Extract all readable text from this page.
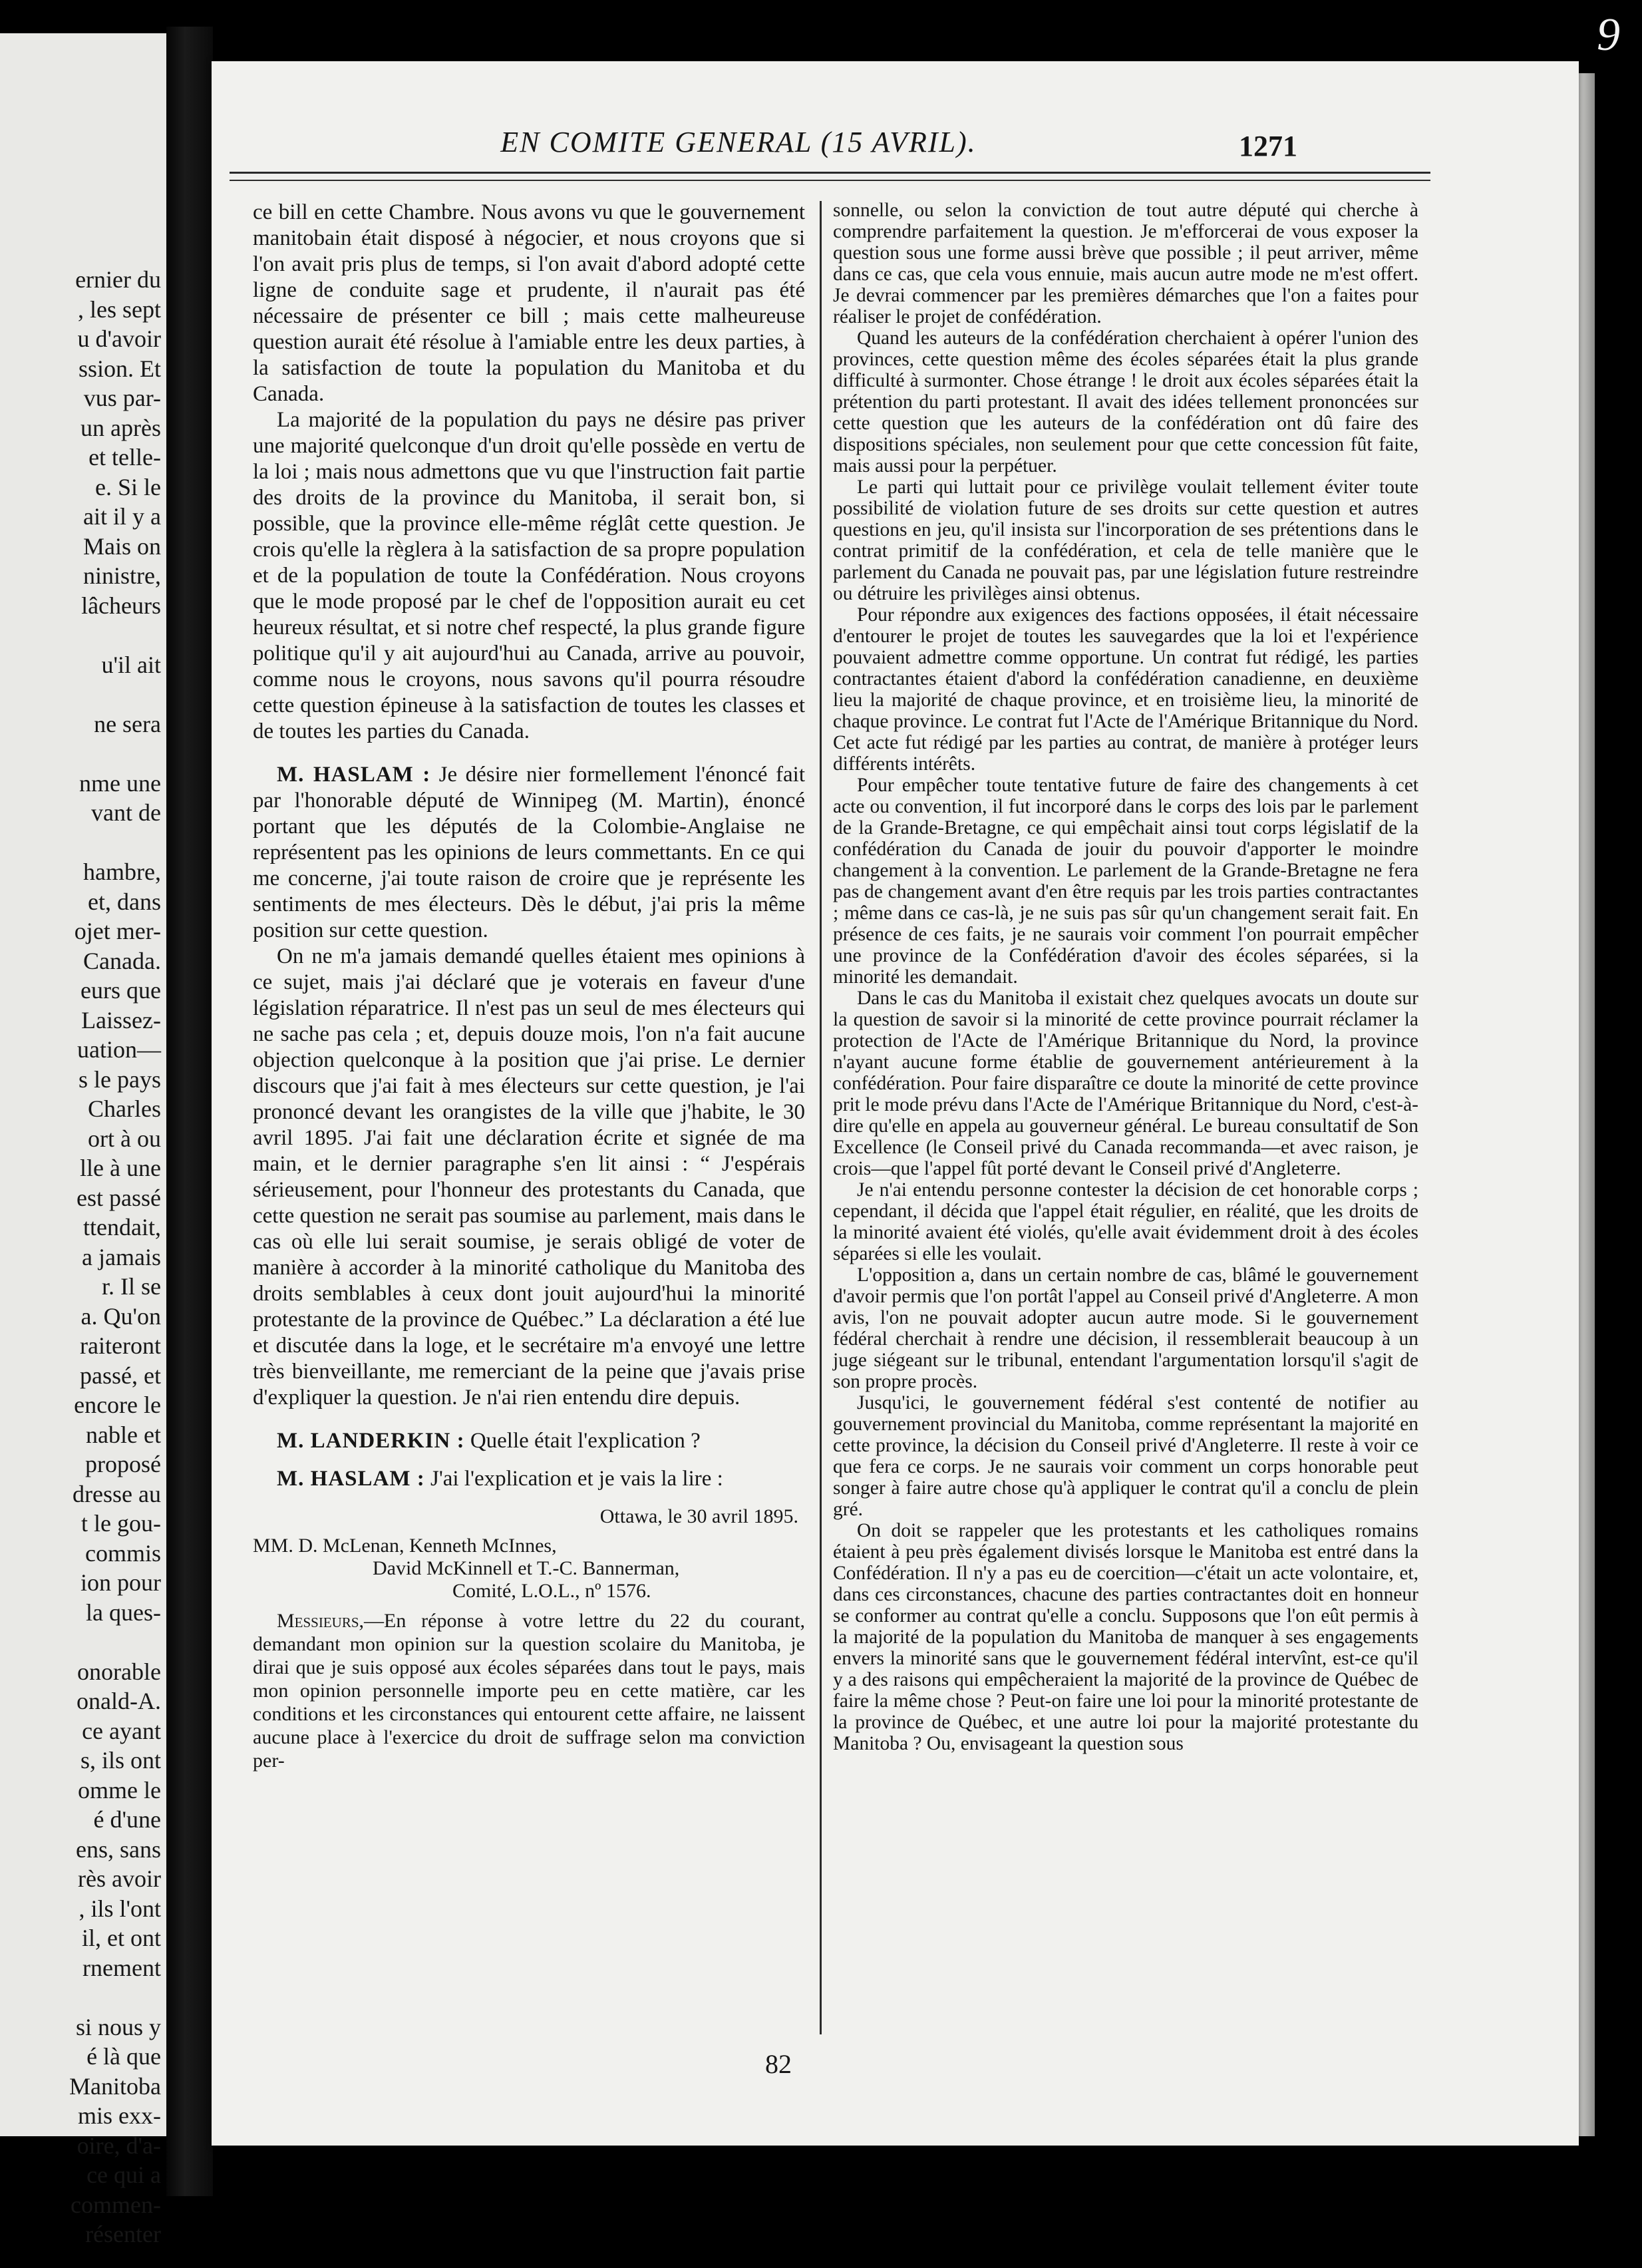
ernier du
, les sept
u d'avoir
ssion. Et
vus par-
un après
et telle-
e. Si le
ait il y a
Mais on
ninistre,
lâcheurs
u'il ait
ne sera
nme une
vant de
hambre,
et, dans
ojet mer-
Canada.
eurs que
Laissez-
uation—
s le pays
Charles
ort à ou
lle à une
est passé
ttendait,
a jamais
r. Il se
a. Qu'on
raiteront
passé, et
encore le
nable et
proposé
dresse au
t le gou-
commis
ion pour
la ques-
onorable
onald-A.
ce ayant
s, ils ont
omme le
é d'une
ens, sans
rès avoir
, ils l'ont
il, et ont
rnement
si nous y
é là que
Manitoba
mis exx-
oire, d'a-
ce qui a
commen-
résenter
9
EN COMITE GENERAL (15 AVRIL).	1271

ce bill en cette Chambre. Nous avons vu que le gouvernement manitobain était disposé à négocier, et nous croyons que si l'on avait pris plus de temps, si l'on avait d'abord adopté cette ligne de conduite sage et prudente, il n'aurait pas été nécessaire de présenter ce bill ; mais cette malheureuse question aurait été résolue à l'amiable entre les deux parties, à la satisfaction de toute la population du Manitoba et du Canada.

La majorité de la population du pays ne désire pas priver une majorité quelconque d'un droit qu'elle possède en vertu de la loi ; mais nous admettons que vu que l'instruction fait partie des droits de la province du Manitoba, il serait bon, si possible, que la province elle-même réglât cette question. Je crois qu'elle la règlera à la satisfaction de sa propre population et de la population de toute la Confédération. Nous croyons que le mode proposé par le chef de l'opposition aurait eu cet heureux résultat, et si notre chef respecté, la plus grande figure politique qu'il y ait aujourd'hui au Canada, arrive au pouvoir, comme nous le croyons, nous savons qu'il pourra résoudre cette question épineuse à la satisfaction de toutes les classes et de toutes les parties du Canada.

M. HASLAM : Je désire nier formellement l'énoncé fait par l'honorable député de Winnipeg (M. Martin), énoncé portant que les députés de la Colombie-Anglaise ne représentent pas les opinions de leurs commettants. En ce qui me concerne, j'ai toute raison de croire que je représente les sentiments de mes électeurs. Dès le début, j'ai pris la même position sur cette question.

On ne m'a jamais demandé quelles étaient mes opinions à ce sujet, mais j'ai déclaré que je voterais en faveur d'une législation réparatrice. Il n'est pas un seul de mes électeurs qui ne sache pas cela ; et, depuis douze mois, l'on n'a fait aucune objection quelconque à la position que j'ai prise. Le dernier discours que j'ai fait à mes électeurs sur cette question, je l'ai prononcé devant les orangistes de la ville que j'habite, le 30 avril 1895. J'ai fait une déclaration écrite et signée de ma main, et le dernier paragraphe s'en lit ainsi : “ J'espérais sérieusement, pour l'honneur des protestants du Canada, que cette question ne serait pas soumise au parlement, mais dans le cas où elle lui serait soumise, je serais obligé de voter de manière à accorder à la minorité catholique du Manitoba des droits semblables à ceux dont jouit aujourd'hui la minorité protestante de la province de Québec.” La déclaration a été lue et discutée dans la loge, et le secrétaire m'a envoyé une lettre très bienveillante, me remerciant de la peine que j'avais prise d'expliquer la question. Je n'ai rien entendu dire depuis.

M. LANDERKIN : Quelle était l'explication ?

M. HASLAM : J'ai l'explication et je vais la lire :

Ottawa, le 30 avril 1895.

MM. D. McLenan, Kenneth McInnes,

David McKinnell et T.-C. Bannerman,
Comité, L.O.L., nº 1576.

Messieurs,—En réponse à votre lettre du 22 du courant, demandant mon opinion sur la question scolaire du Manitoba, je dirai que je suis opposé aux écoles séparées dans tout le pays, mais mon opinion personnelle importe peu en cette matière, car les conditions et les circonstances qui entourent cette affaire, ne laissent aucune place à l'exercice du droit de suffrage selon ma conviction per-

82

sonnelle, ou selon la conviction de tout autre député qui cherche à comprendre parfaitement la question. Je m'efforcerai de vous exposer la question sous une forme aussi brève que possible ; il peut arriver, même dans ce cas, que cela vous ennuie, mais aucun autre mode ne m'est offert. Je devrai commencer par les premières démarches que l'on a faites pour réaliser le projet de confédération.

Quand les auteurs de la confédération cherchaient à opérer l'union des provinces, cette question même des écoles séparées était la plus grande difficulté à surmonter. Chose étrange ! le droit aux écoles séparées était la prétention du parti protestant. Il avait des idées tellement prononcées sur cette question que les auteurs de la confédération ont dû faire des dispositions spéciales, non seulement pour que cette concession fût faite, mais aussi pour la perpétuer.

Le parti qui luttait pour ce privilège voulait tellement éviter toute possibilité de violation future de ses droits sur cette question et autres questions en jeu, qu'il insista sur l'incorporation de ses prétentions dans le contrat primitif de la confédération, et cela de telle manière que le parlement du Canada ne pouvait pas, par une législation future restreindre ou détruire les privilèges ainsi obtenus.

Pour répondre aux exigences des factions opposées, il était nécessaire d'entourer le projet de toutes les sauvegardes que la loi et l'expérience pouvaient admettre comme opportune. Un contrat fut rédigé, les parties contractantes étaient d'abord la confédération canadienne, en deuxième lieu la majorité de chaque province, et en troisième lieu, la minorité de chaque province. Le contrat fut l'Acte de l'Amérique Britannique du Nord. Cet acte fut rédigé par les parties au contrat, de manière à protéger leurs différents intérêts.

Pour empêcher toute tentative future de faire des changements à cet acte ou convention, il fut incorporé dans le corps des lois par le parlement de la Grande-Bretagne, ce qui empêchait ainsi tout corps législatif de la confédération du Canada de jouir du pouvoir d'apporter le moindre changement à la convention. Le parlement de la Grande-Bretagne ne fera pas de changement avant d'en être requis par les trois parties contractantes ; même dans ce cas-là, je ne suis pas sûr qu'un changement serait fait. En présence de ces faits, je ne saurais voir comment l'on pourrait empêcher une province de la Confédération d'avoir des écoles séparées, si la minorité les demandait.

Dans le cas du Manitoba il existait chez quelques avocats un doute sur la question de savoir si la minorité de cette province pourrait réclamer la protection de l'Acte de l'Amérique Britannique du Nord, la province n'ayant aucune forme établie de gouvernement antérieurement à la confédération. Pour faire disparaître ce doute la minorité de cette province prit le mode prévu dans l'Acte de l'Amérique Britannique du Nord, c'est-à-dire qu'elle en appela au gouverneur général. Le bureau consultatif de Son Excellence (le Conseil privé du Canada recommanda—et avec raison, je crois—que l'appel fût porté devant le Conseil privé d'Angleterre.

Je n'ai entendu personne contester la décision de cet honorable corps ; cependant, il décida que l'appel était régulier, en réalité, que les droits de la minorité avaient été violés, qu'elle avait évidemment droit à des écoles séparées si elle les voulait.

L'opposition a, dans un certain nombre de cas, blâmé le gouvernement d'avoir permis que l'on portât l'appel au Conseil privé d'Angleterre. A mon avis, l'on ne pouvait adopter aucun autre mode. Si le gouvernement fédéral cherchait à rendre une décision, il ressemblerait beaucoup à un juge siégeant sur le tribunal, entendant l'argumentation lorsqu'il s'agit de son propre procès.

Jusqu'ici, le gouvernement fédéral s'est contenté de notifier au gouvernement provincial du Manitoba, comme représentant la majorité en cette province, la décision du Conseil privé d'Angleterre. Il reste à voir ce que fera ce corps. Je ne saurais voir comment un corps honorable peut songer à faire autre chose qu'à appliquer le contrat qu'il a conclu de plein gré.

On doit se rappeler que les protestants et les catholiques romains étaient à peu près également divisés lorsque le Manitoba est entré dans la Confédération. Il n'y a pas eu de coercition—c'était un acte volontaire, et, dans ces circonstances, chacune des parties contractantes doit en honneur se conformer au contrat qu'elle a conclu. Supposons que l'on eût permis à la majorité de la population du Manitoba de manquer à ses engagements envers la minorité sans que le gouvernement fédéral intervînt, est-ce qu'il y a des raisons qui empêcheraient la majorité de la province de Québec de faire la même chose ? Peut-on faire une loi pour la minorité protestante de la province de Québec, et une autre loi pour la majorité protestante du Manitoba ? Ou, envisageant la question sous
